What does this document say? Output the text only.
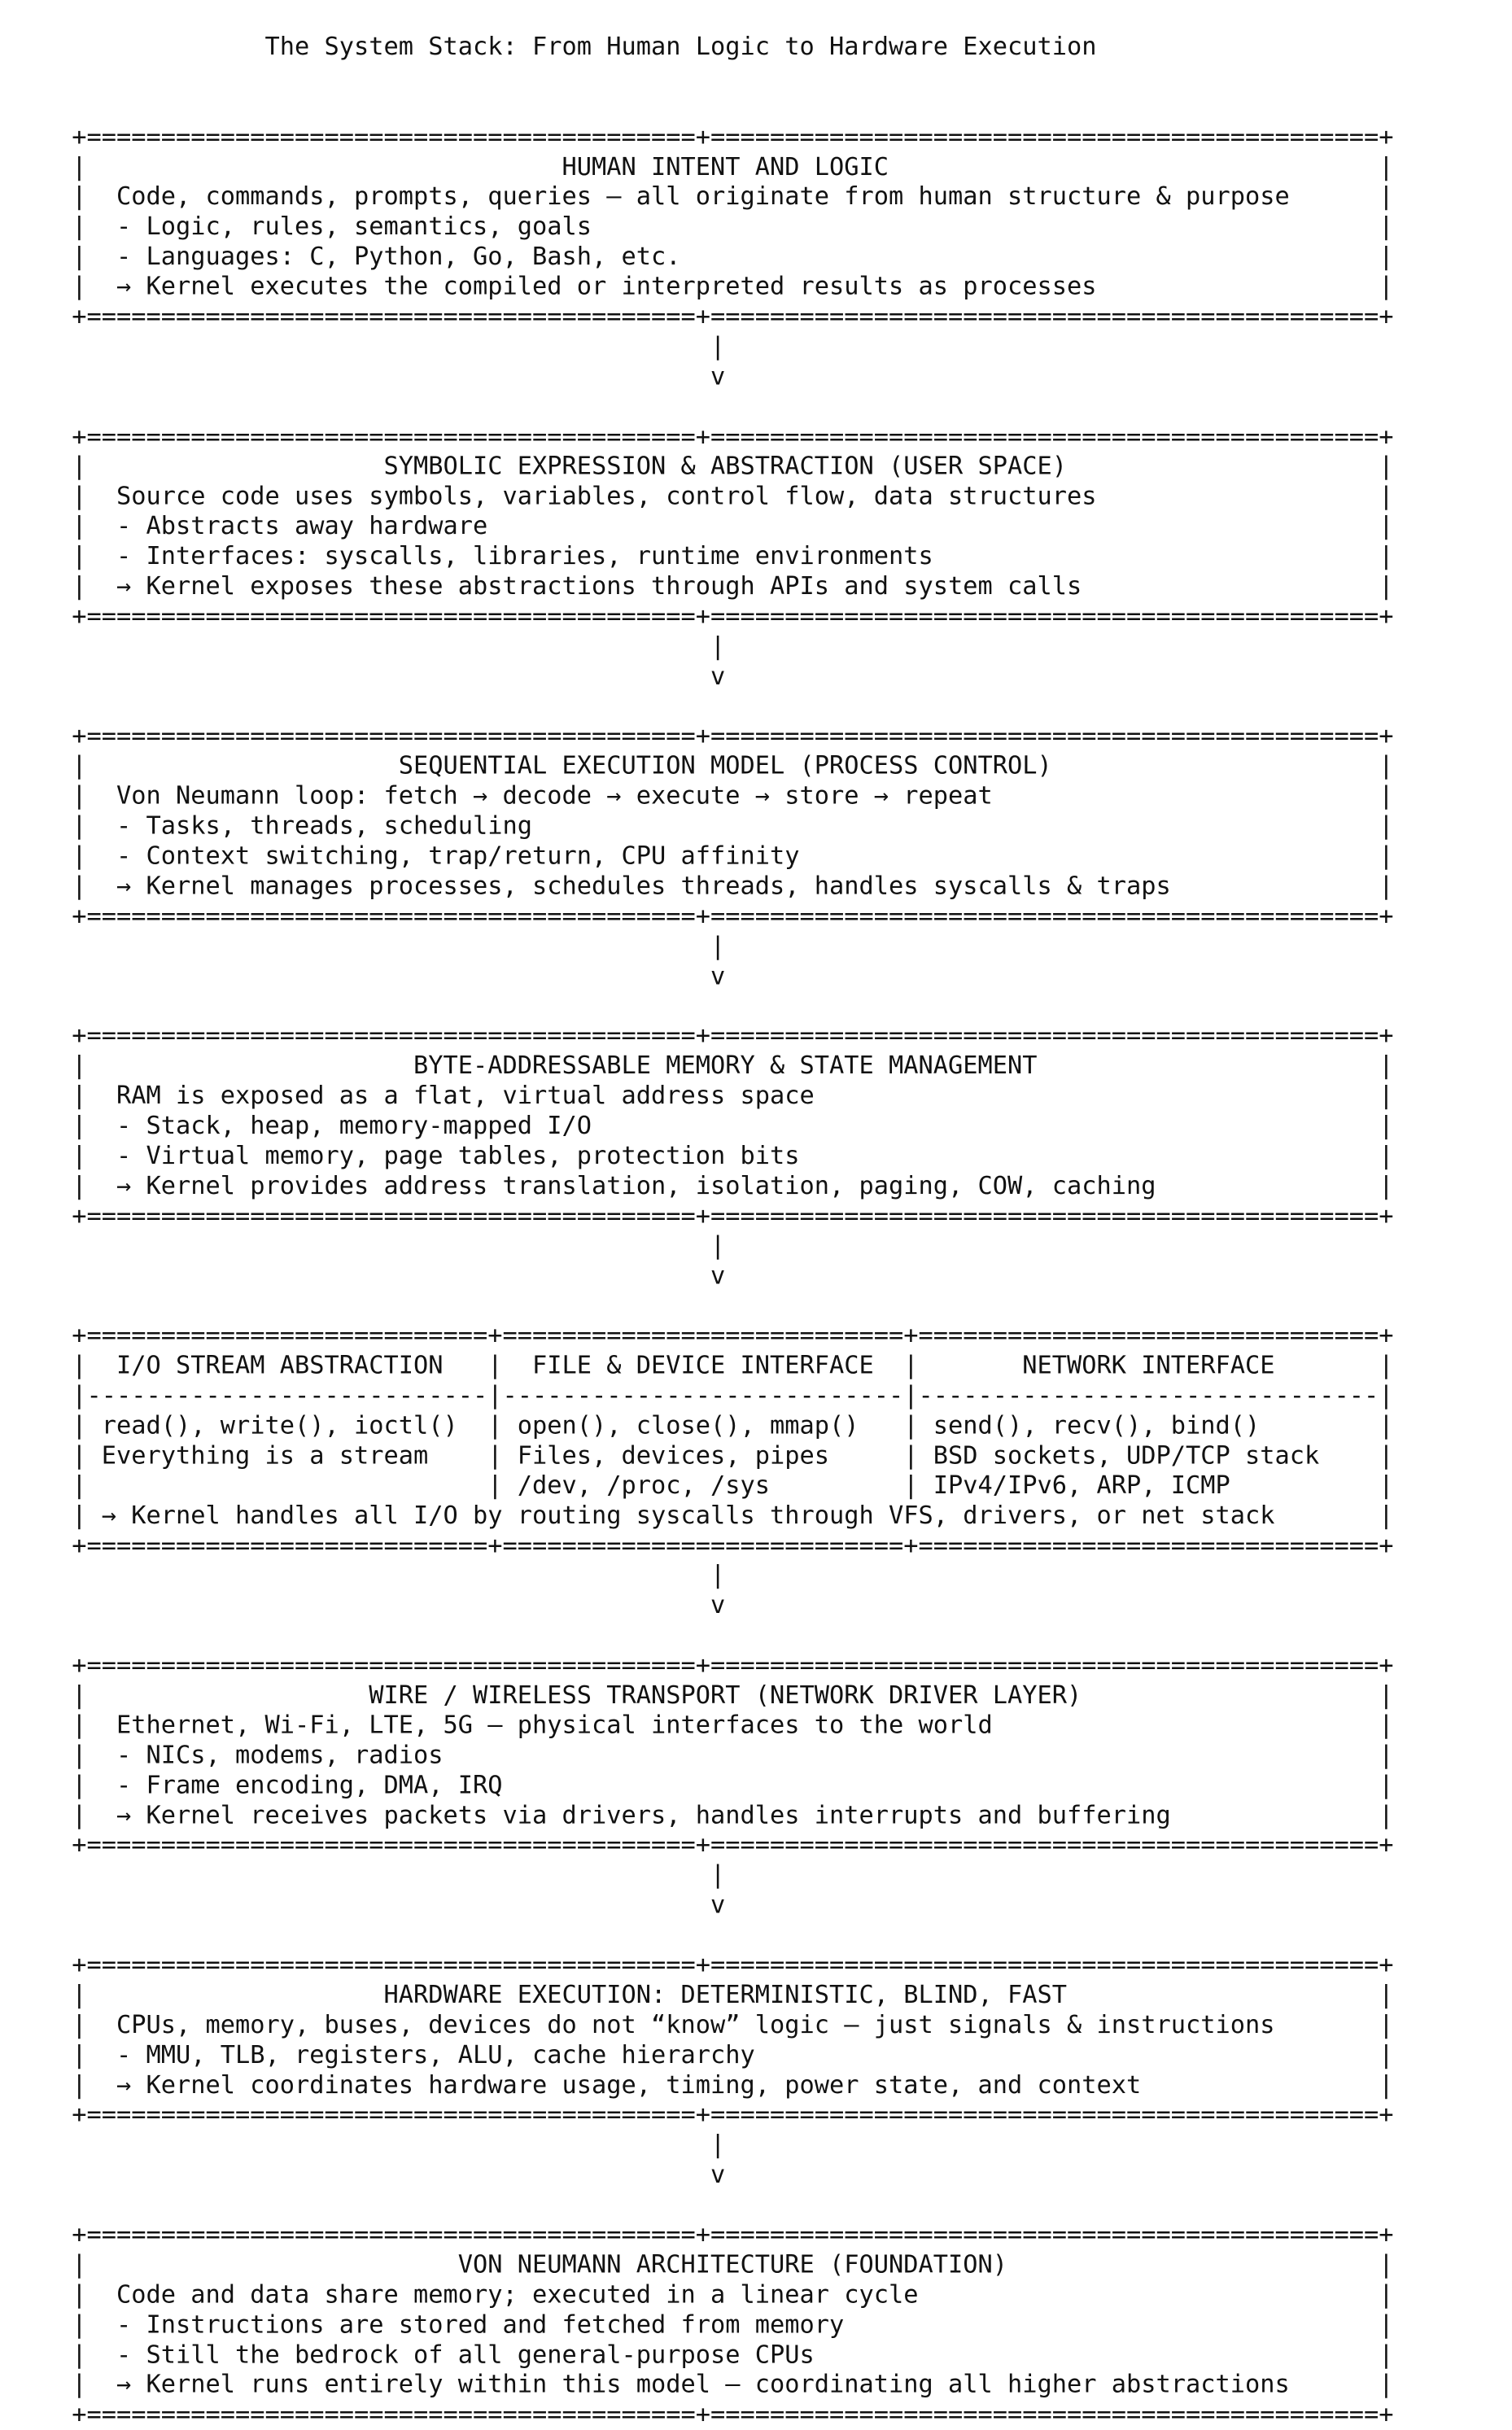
The System Stack: From Human Logic to Hardware Execution

+=========================================+=============================================+
|                                HUMAN INTENT AND LOGIC                                 |
|  Code, commands, prompts, queries — all originate from human structure & purpose      |
|  - Logic, rules, semantics, goals                                                     |
|  - Languages: C, Python, Go, Bash, etc.                                               |
|  → Kernel executes the compiled or interpreted results as processes                   |
+=========================================+=============================================+
|
v

+=========================================+=============================================+
|                    SYMBOLIC EXPRESSION & ABSTRACTION (USER SPACE)                     |
|  Source code uses symbols, variables, control flow, data structures                   |
|  - Abstracts away hardware                                                            |
|  - Interfaces: syscalls, libraries, runtime environments                              |
|  → Kernel exposes these abstractions through APIs and system calls                    |
+=========================================+=============================================+
|
v

+=========================================+=============================================+
|                     SEQUENTIAL EXECUTION MODEL (PROCESS CONTROL)                      |
|  Von Neumann loop: fetch → decode → execute → store → repeat                          |
|  - Tasks, threads, scheduling                                                         |
|  - Context switching, trap/return, CPU affinity                                       |
|  → Kernel manages processes, schedules threads, handles syscalls & traps              |
+=========================================+=============================================+
|
v

+=========================================+=============================================+
|                      BYTE-ADDRESSABLE MEMORY & STATE MANAGEMENT                       |
|  RAM is exposed as a flat, virtual address space                                      |
|  - Stack, heap, memory-mapped I/O                                                     |
|  - Virtual memory, page tables, protection bits                                       |
|  → Kernel provides address translation, isolation, paging, COW, caching               |
+=========================================+=============================================+
|
v

+===========================+===========================+===============================+
|  I/O STREAM ABSTRACTION   |  FILE & DEVICE INTERFACE  |       NETWORK INTERFACE       |
|---------------------------|---------------------------|-------------------------------|
| read(), write(), ioctl()  | open(), close(), mmap()   | send(), recv(), bind()        |
| Everything is a stream    | Files, devices, pipes     | BSD sockets, UDP/TCP stack    |
|                           | /dev, /proc, /sys         | IPv4/IPv6, ARP, ICMP          |
| → Kernel handles all I/O by routing syscalls through VFS, drivers, or net stack       |
+===========================+===========================+===============================+
|
v

+=========================================+=============================================+
|                   WIRE / WIRELESS TRANSPORT (NETWORK DRIVER LAYER)                    |
|  Ethernet, Wi-Fi, LTE, 5G — physical interfaces to the world                          |
|  - NICs, modems, radios                                                               |
|  - Frame encoding, DMA, IRQ                                                           |
|  → Kernel receives packets via drivers, handles interrupts and buffering              |
+=========================================+=============================================+
|
v

+=========================================+=============================================+
|                    HARDWARE EXECUTION: DETERMINISTIC, BLIND, FAST                     |
|  CPUs, memory, buses, devices do not “know” logic — just signals & instructions       |
|  - MMU, TLB, registers, ALU, cache hierarchy                                          |
|  → Kernel coordinates hardware usage, timing, power state, and context                |
+=========================================+=============================================+
|
v

+=========================================+=============================================+
|                         VON NEUMANN ARCHITECTURE (FOUNDATION)                         |
|  Code and data share memory; executed in a linear cycle                               |
|  - Instructions are stored and fetched from memory                                    |
|  - Still the bedrock of all general-purpose CPUs                                      |
|  → Kernel runs entirely within this model — coordinating all higher abstractions      |
+=========================================+=============================================+
